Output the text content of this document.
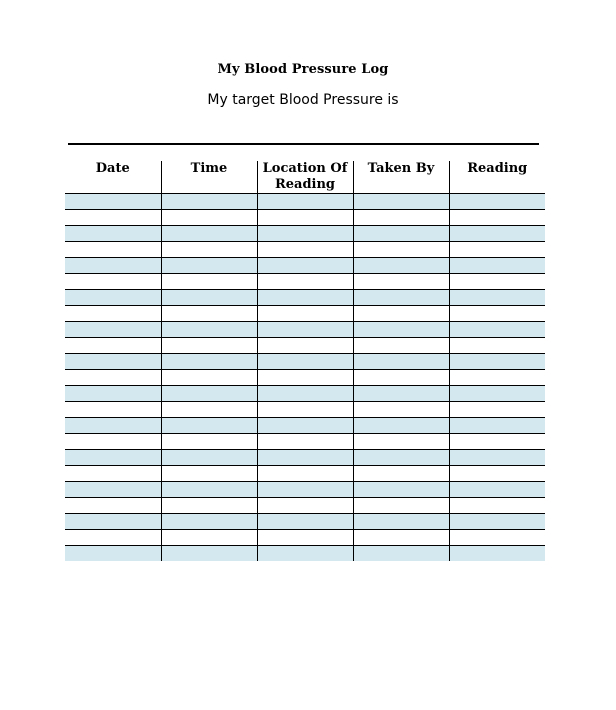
My Blood Pressure Log
My target Blood Pressure is
Date	Time	Location Of Reading	Taken By	Reading
